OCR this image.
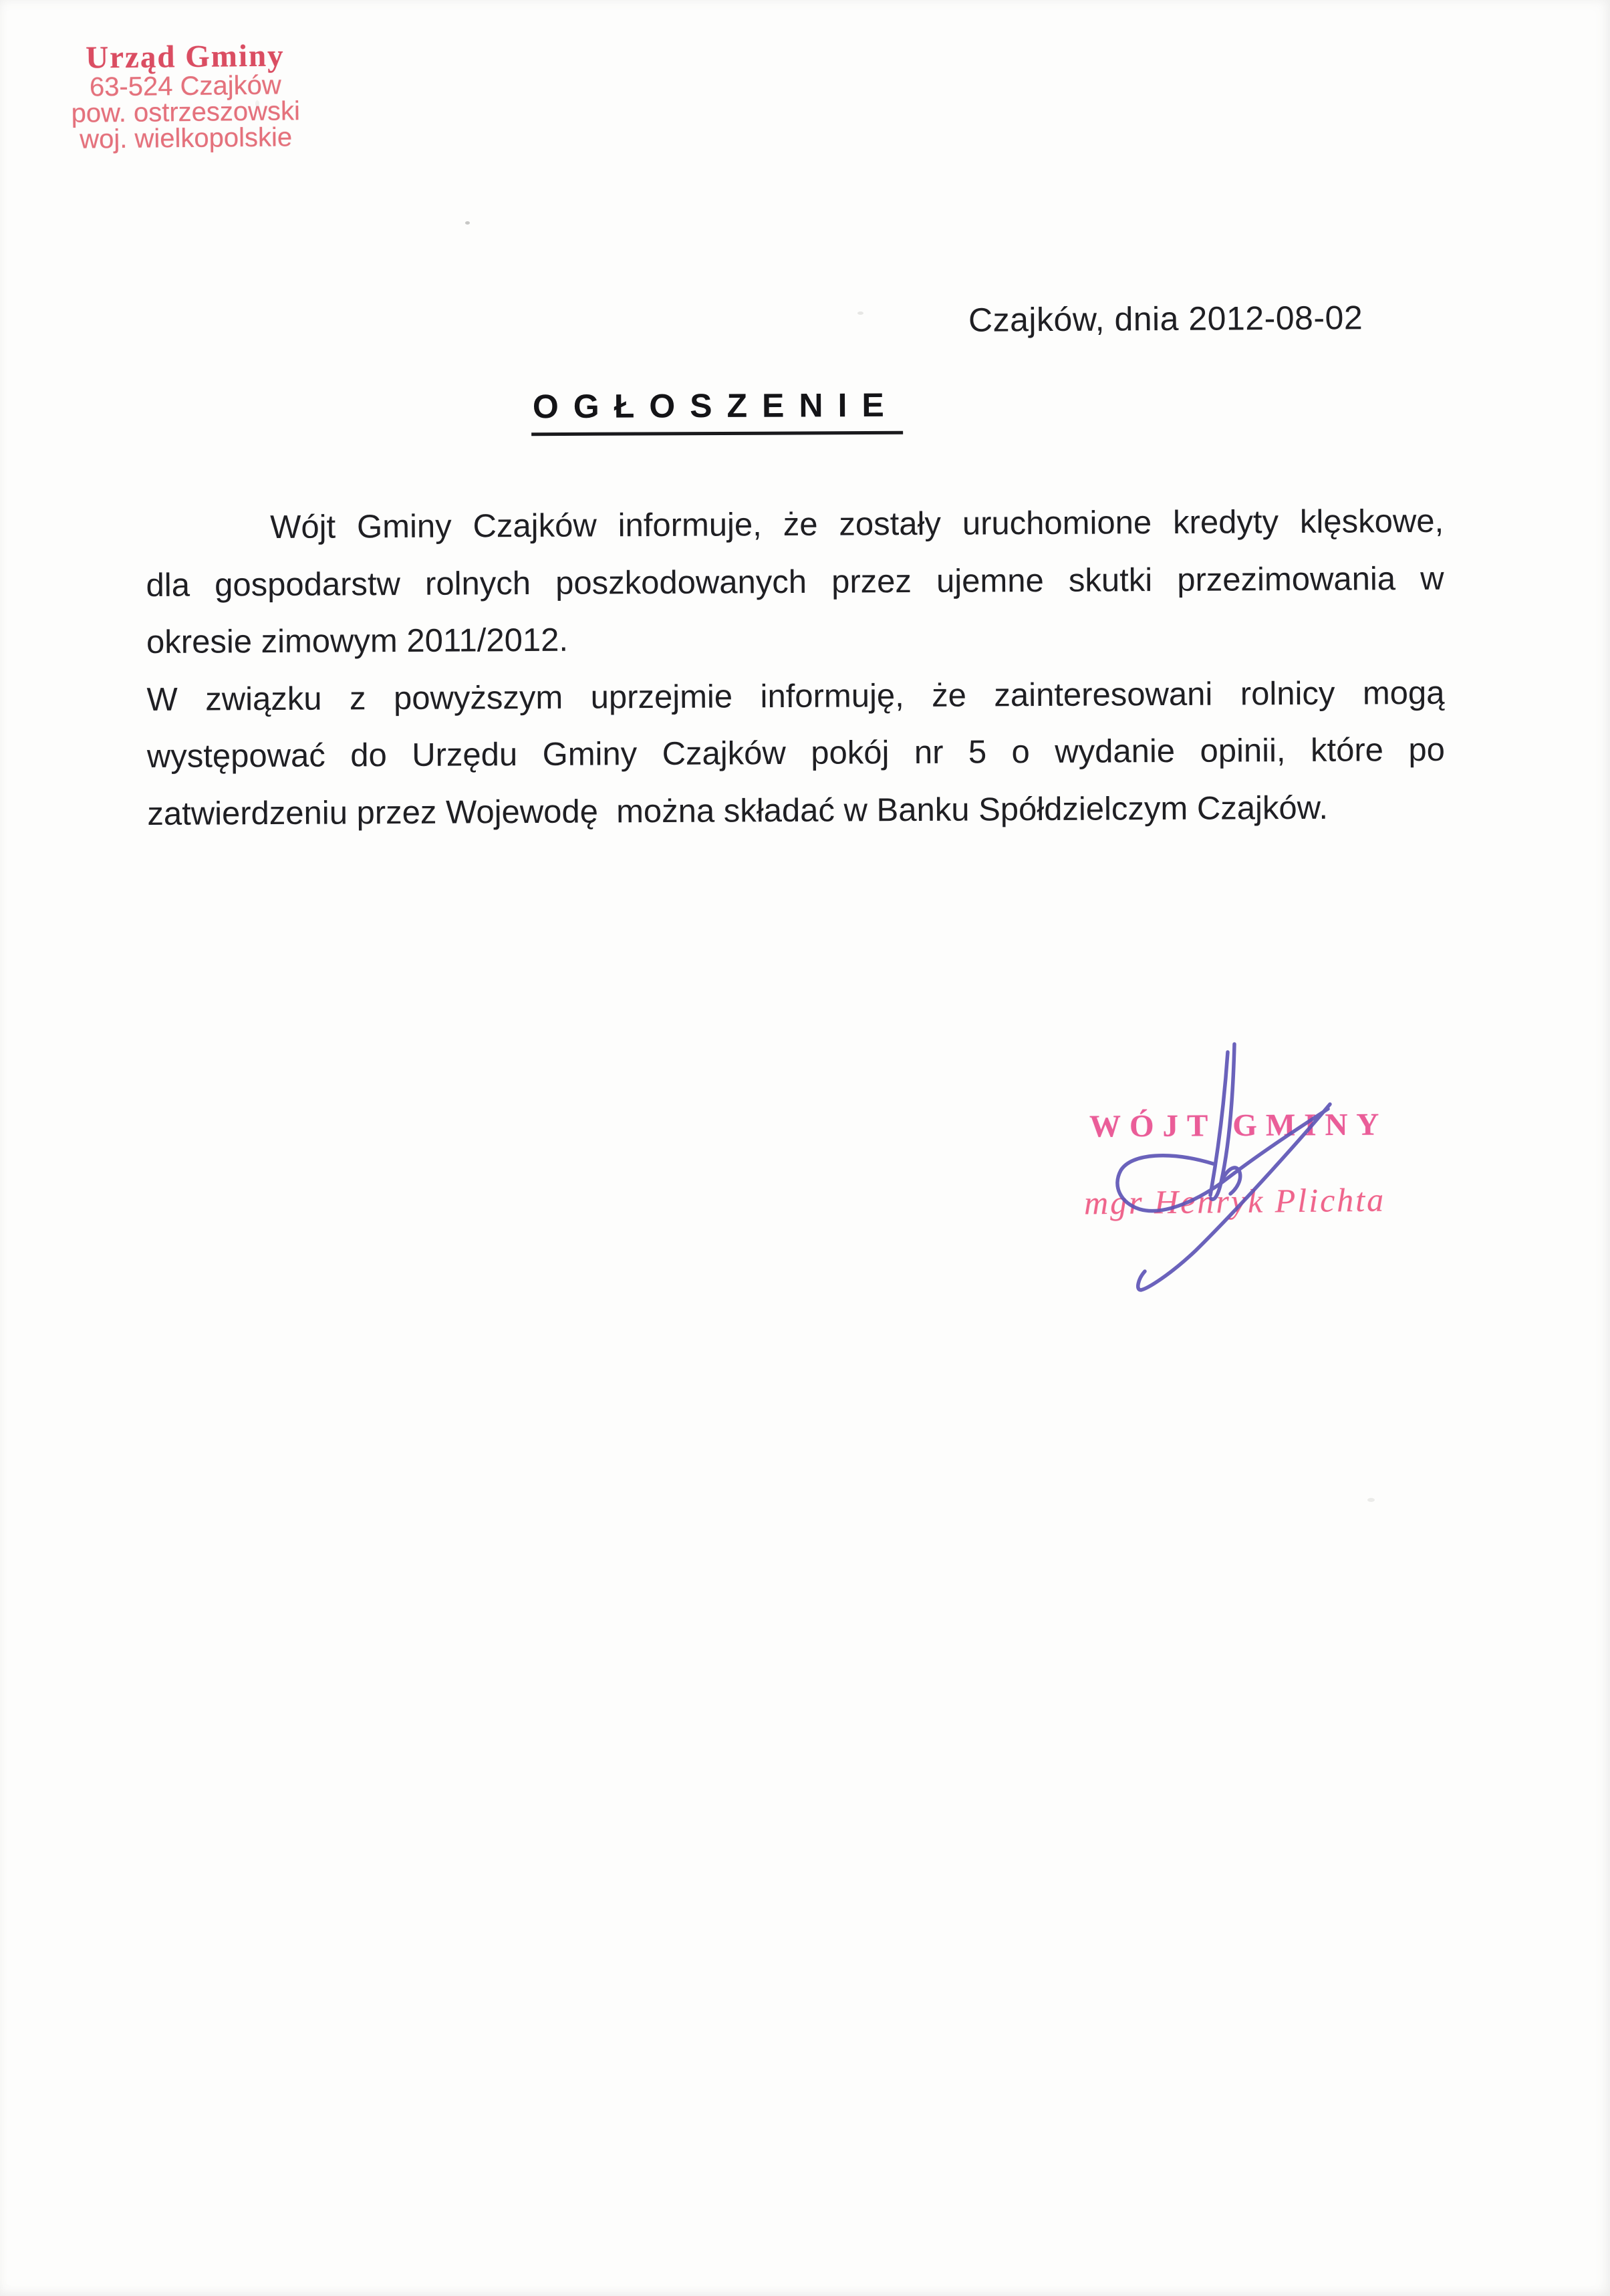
Urząd Gminy
63-524 Czajków
pow. ostrzeszowski
woj. wielkopolskie
Czajków, dnia 2012-08-02
OGŁOSZENIE
Wójt Gminy Czajków informuje, że zostały uruchomione kredyty klęskowe,
dla gospodarstw rolnych poszkodowanych przez ujemne skutki przezimowania w
okresie zimowym 2011/2012.
W związku z powyższym uprzejmie informuję, że zainteresowani rolnicy mogą
występować do Urzędu Gminy Czajków pokój nr 5 o wydanie opinii, które po
zatwierdzeniu przez Wojewodę  można składać w Banku Spółdzielczym Czajków.
WÓJT GMINY
mgr Henryk Plichta
